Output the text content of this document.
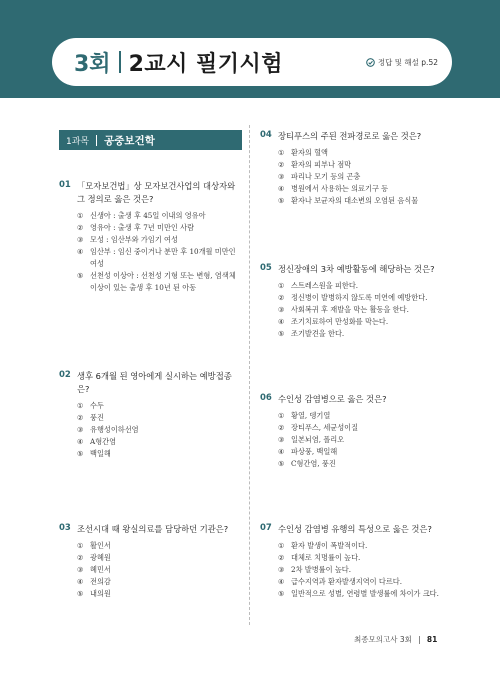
3회 2교시 필기시험	정답 및 해설 p.52
1과목 공중보건학
01 「모자보건법」상 모자보건사업의 대상자와 그 정의로 옳은 것은?
① 신생아 : 출생 후 45일 이내의 영유아
② 영유아 : 출생 후 7년 미만인 사람
③ 모성 : 임산부와 가임기 여성
④ 임산부 : 임신 중이거나 분만 후 10개월 미만인 여성
⑤ 선천성 이상아 : 선천성 기형 또는 변형, 염색체 이상이 있는 출생 후 10년 된 아동
02 생후 6개월 된 영아에게 실시하는 예방접종은?
① 수두
② 풍진
③ 유행성이하선염
④ A형간염
⑤ 백일해
03 조선시대 때 왕실의료를 담당하던 기관은?
① 활인서
② 광혜원
③ 혜민서
④ 전의감
⑤ 내의원
04 장티푸스의 주된 전파경로로 옳은 것은?
① 환자의 혈액
② 환자의 피부나 점막
③ 파리나 모기 등의 곤충
④ 병원에서 사용하는 의료기구 등
⑤ 환자나 보균자의 대소변의 오염된 음식물
05 정신장애의 3차 예방활동에 해당하는 것은?
① 스트레스원을 피한다.
② 정신병이 발병하지 않도록 미연에 예방한다.
③ 사회복귀 후 재발을 막는 활동을 한다.
④ 조기치료하여 만성화를 막는다.
⑤ 조기발견을 한다.
06 수인성 감염병으로 옳은 것은?
① 황열, 뎅기열
② 장티푸스, 세균성이질
③ 일본뇌염, 폴리오
④ 파상풍, 백일해
⑤ C형간염, 풍진
07 수인성 감염병 유행의 특성으로 옳은 것은?
① 환자 발생이 폭발적이다.
② 대체로 치명률이 높다.
③ 2차 발병률이 높다.
④ 급수지역과 환자발생지역이 다르다.
⑤ 일반적으로 성별, 연령별 발생률에 차이가 크다.
최종모의고사 3회 81
